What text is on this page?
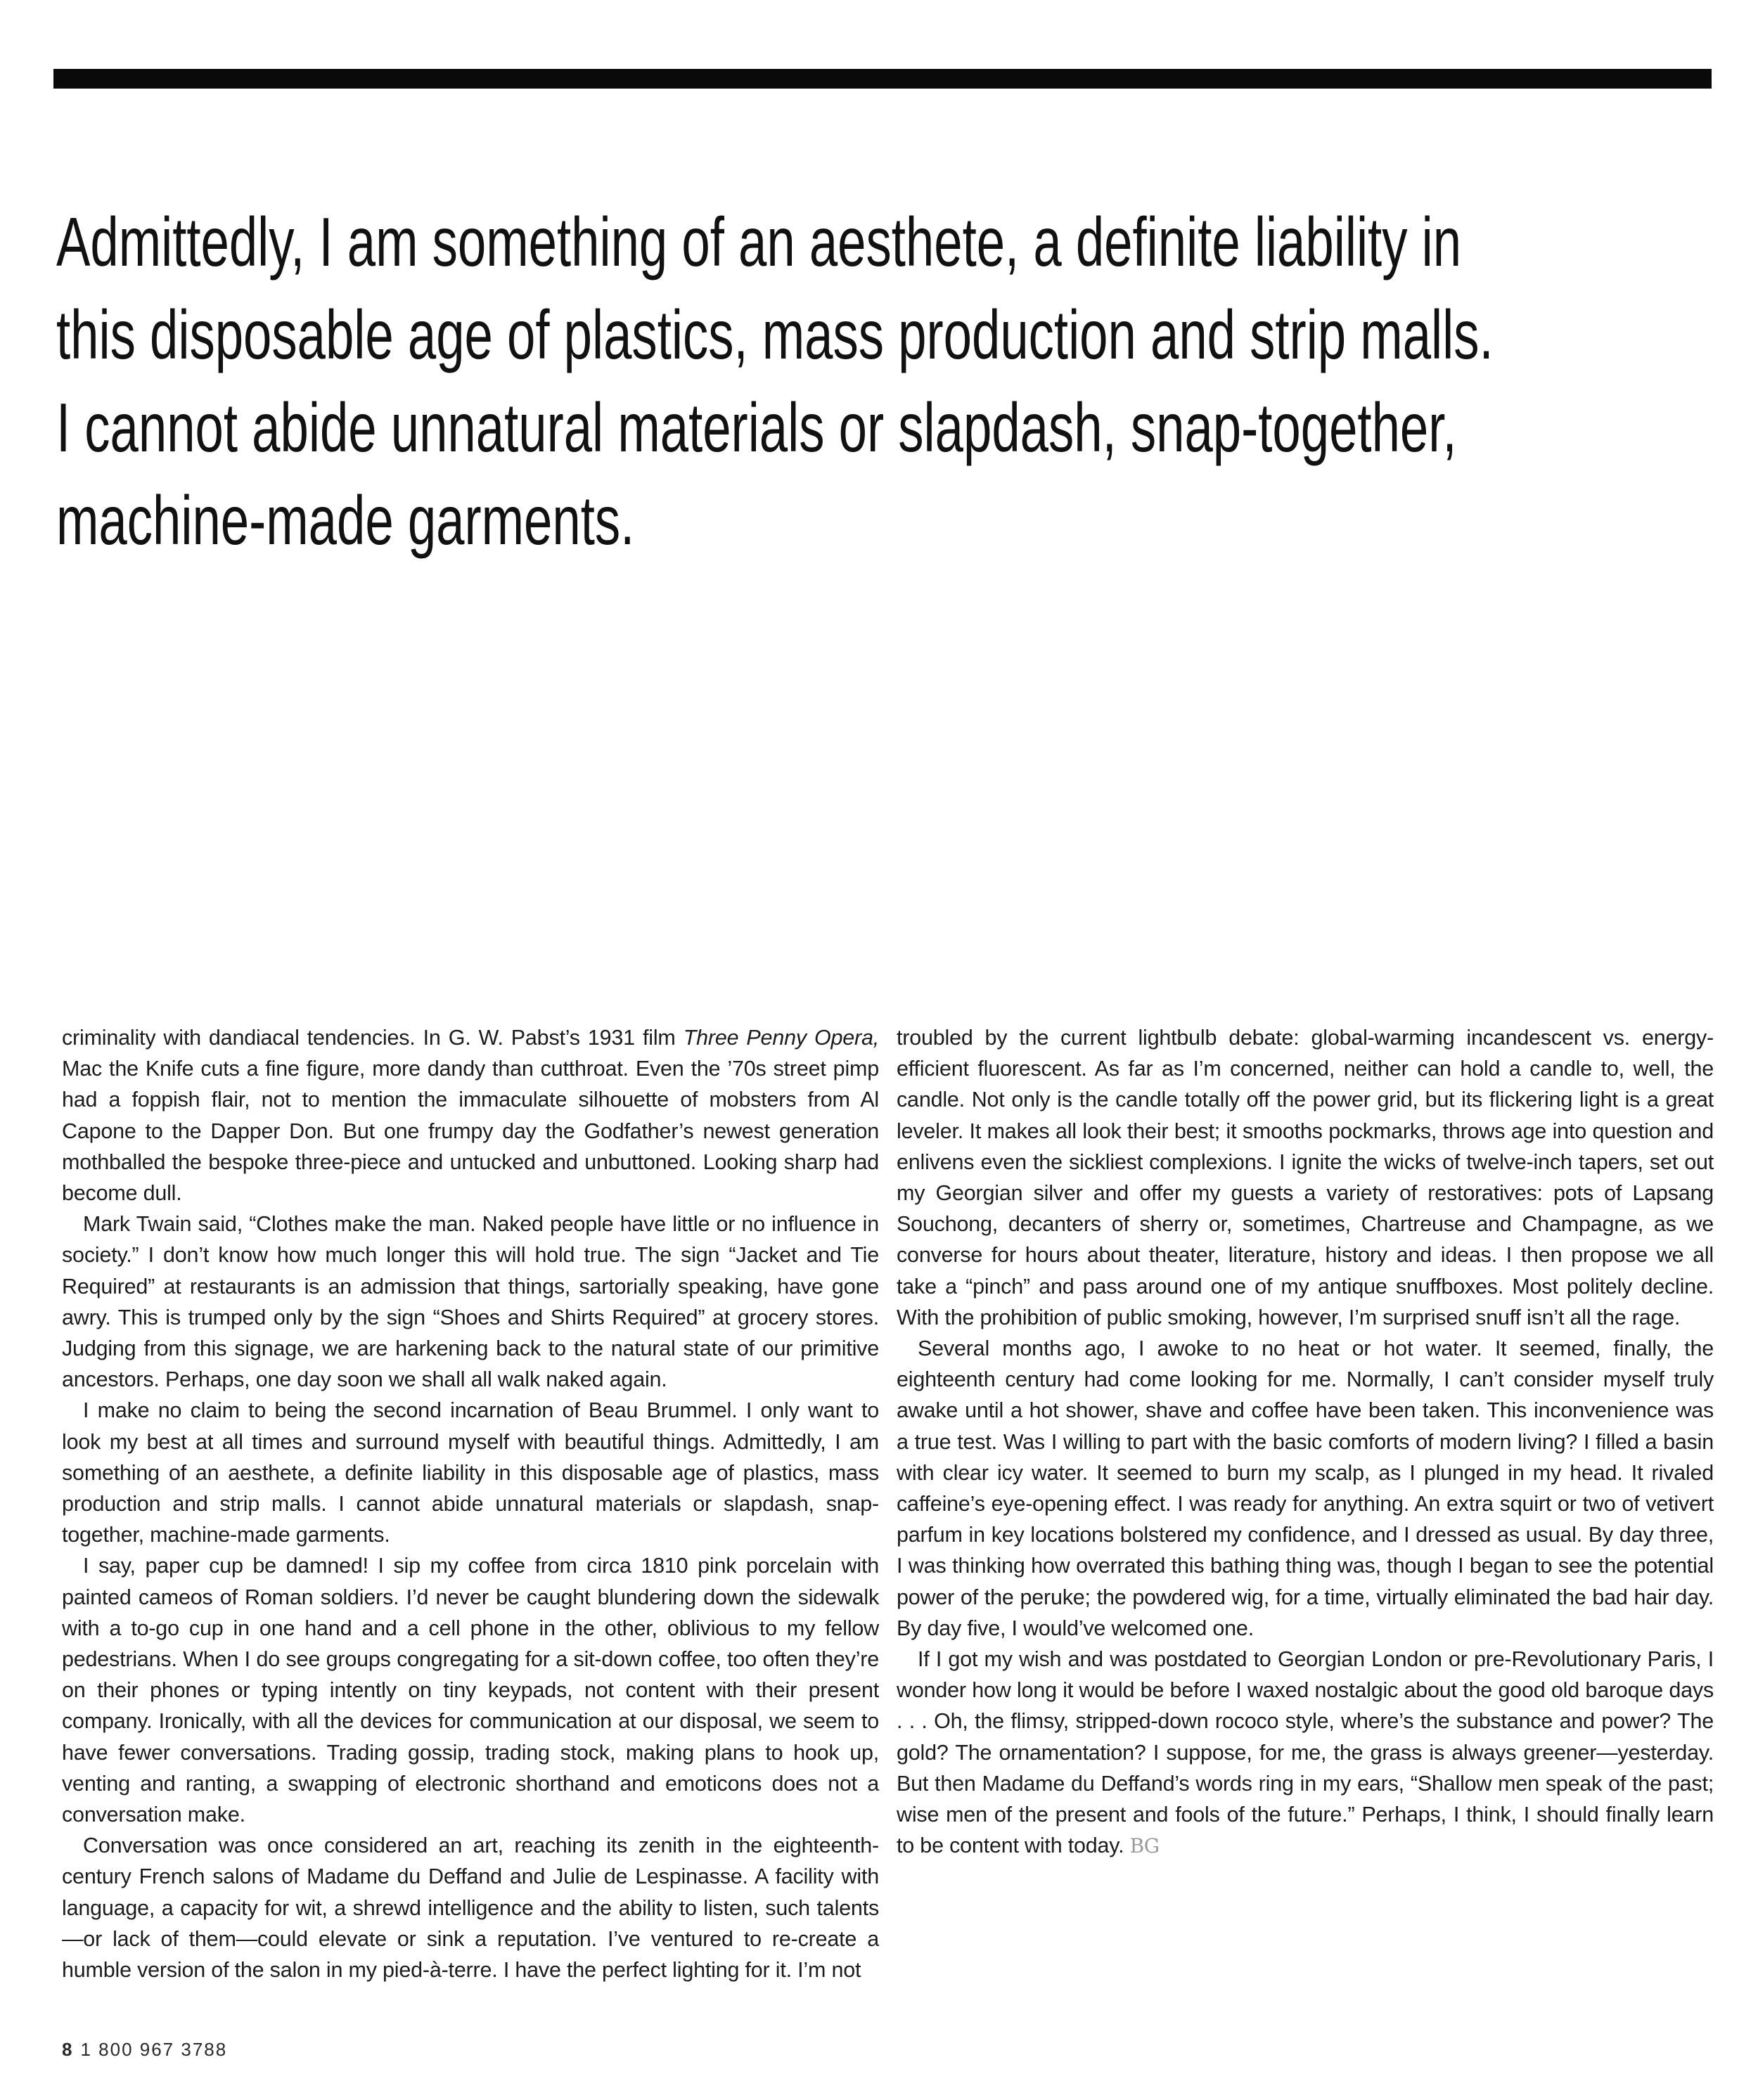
Admittedly, I am something of an aesthete, a definite liability in
this disposable age of plastics, mass production and strip malls.
I cannot abide unnatural materials or slapdash, snap-together,
machine-made garments.

criminality with dandiacal tendencies. In G. W. Pabst’s 1931 film Three Penny Opera, Mac the Knife cuts a fine figure, more dandy than cutthroat. Even the ’70s street pimp had a foppish flair, not to mention the immaculate silhouette of mobsters from Al Capone to the Dapper Don. But one frumpy day the Godfather’s newest generation mothballed the bespoke three-piece and untucked and unbuttoned. Looking sharp had become dull.

Mark Twain said, “Clothes make the man. Naked people have little or no influence in society.” I don’t know how much longer this will hold true. The sign “Jacket and Tie Required” at restaurants is an admission that things, sartorially speaking, have gone awry. This is trumped only by the sign “Shoes and Shirts Required” at grocery stores. Judging from this signage, we are harkening back to the natural state of our primitive ancestors. Perhaps, one day soon we shall all walk naked again.

I make no claim to being the second incarnation of Beau Brummel. I only want to look my best at all times and surround myself with beautiful things. Admittedly, I am something of an aesthete, a definite liability in this disposable age of plastics, mass production and strip malls. I cannot abide unnatural materials or slapdash, snap-together, machine-made garments.

I say, paper cup be damned! I sip my coffee from circa 1810 pink porcelain with painted cameos of Roman soldiers. I’d never be caught blundering down the sidewalk with a to-go cup in one hand and a cell phone in the other, oblivious to my fellow pedestrians. When I do see groups congregating for a sit-down coffee, too often they’re on their phones or typing intently on tiny keypads, not content with their present company. Ironically, with all the devices for communication at our disposal, we seem to have fewer conversations. Trading gossip, trading stock, making plans to hook up, venting and ranting, a swapping of electronic shorthand and emoticons does not a conversation make.

Conversation was once considered an art, reaching its zenith in the eighteenth-century French salons of Madame du Deffand and Julie de Lespinasse. A facility with language, a capacity for wit, a shrewd intelligence and the ability to listen, such talents—or lack of them—could elevate or sink a reputation. I’ve ventured to re-create a humble version of the salon in my pied-à-terre. I have the perfect lighting for it. I’m not

troubled by the current lightbulb debate: global-warming incandescent vs. energy-efficient fluorescent. As far as I’m concerned, neither can hold a candle to, well, the candle. Not only is the candle totally off the power grid, but its flickering light is a great leveler. It makes all look their best; it smooths pockmarks, throws age into question and enlivens even the sickliest complexions. I ignite the wicks of twelve-inch tapers, set out my Georgian silver and offer my guests a variety of restoratives: pots of Lapsang Souchong, decanters of sherry or, sometimes, Chartreuse and Champagne, as we converse for hours about theater, literature, history and ideas. I then propose we all take a “pinch” and pass around one of my antique snuffboxes. Most politely decline. With the prohibition of public smoking, however, I’m surprised snuff isn’t all the rage.

Several months ago, I awoke to no heat or hot water. It seemed, finally, the eighteenth century had come looking for me. Normally, I can’t consider myself truly awake until a hot shower, shave and coffee have been taken. This inconvenience was a true test. Was I willing to part with the basic comforts of modern living? I filled a basin with clear icy water. It seemed to burn my scalp, as I plunged in my head. It rivaled caffeine’s eye-opening effect. I was ready for anything. An extra squirt or two of vetivert parfum in key locations bolstered my confidence, and I dressed as usual. By day three, I was thinking how overrated this bathing thing was, though I began to see the potential power of the peruke; the powdered wig, for a time, virtually eliminated the bad hair day. By day five, I would’ve welcomed one.

If I got my wish and was postdated to Georgian London or pre-Revolutionary Paris, I wonder how long it would be before I waxed nostalgic about the good old baroque days . . . Oh, the flimsy, stripped-down rococo style, where’s the substance and power? The gold? The ornamentation? I suppose, for me, the grass is always greener—yesterday. But then Madame du Deffand’s words ring in my ears, “Shallow men speak of the past; wise men of the present and fools of the future.” Perhaps, I think, I should finally learn to be content with today. BG

8 1 800 967 3788
